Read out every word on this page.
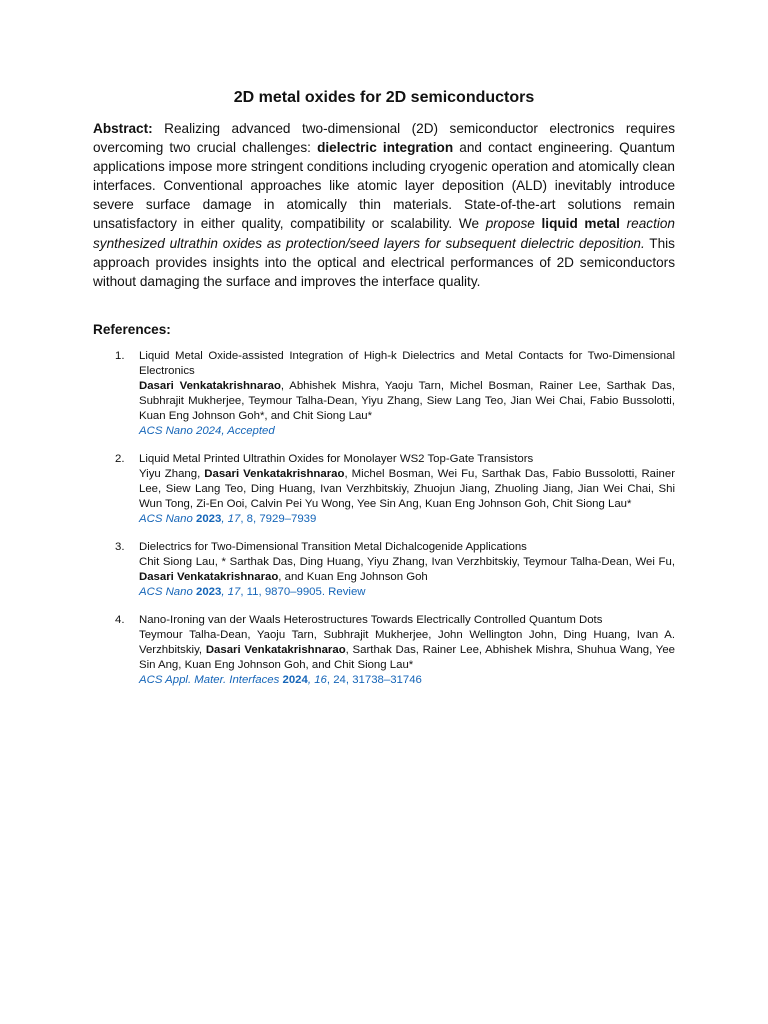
2D metal oxides for 2D semiconductors

Abstract: Realizing advanced two-dimensional (2D) semiconductor electronics requires overcoming two crucial challenges: dielectric integration and contact engineering. Quantum applications impose more stringent conditions including cryogenic operation and atomically clean interfaces. Conventional approaches like atomic layer deposition (ALD) inevitably introduce severe surface damage in atomically thin materials. State-of-the-art solutions remain unsatisfactory in either quality, compatibility or scalability. We propose liquid metal reaction synthesized ultrathin oxides as protection/seed layers for subsequent dielectric deposition. This approach provides insights into the optical and electrical performances of 2D semiconductors without damaging the surface and improves the interface quality.

References:
1. Liquid Metal Oxide-assisted Integration of High-k Dielectrics and Metal Contacts for Two-Dimensional Electronics
Dasari Venkatakrishnarao, Abhishek Mishra, Yaoju Tarn, Michel Bosman, Rainer Lee, Sarthak Das, Subhrajit Mukherjee, Teymour Talha-Dean, Yiyu Zhang, Siew Lang Teo, Jian Wei Chai, Fabio Bussolotti, Kuan Eng Johnson Goh*, and Chit Siong Lau*
ACS Nano 2024, Accepted
2. Liquid Metal Printed Ultrathin Oxides for Monolayer WS2 Top-Gate Transistors
Yiyu Zhang, Dasari Venkatakrishnarao, Michel Bosman, Wei Fu, Sarthak Das, Fabio Bussolotti, Rainer Lee, Siew Lang Teo, Ding Huang, Ivan Verzhbitskiy, Zhuojun Jiang, Zhuoling Jiang, Jian Wei Chai, Shi Wun Tong, Zi-En Ooi, Calvin Pei Yu Wong, Yee Sin Ang, Kuan Eng Johnson Goh, Chit Siong Lau*
ACS Nano 2023, 17, 8, 7929–7939
3. Dielectrics for Two-Dimensional Transition Metal Dichalcogenide Applications
Chit Siong Lau, * Sarthak Das, Ding Huang, Yiyu Zhang, Ivan Verzhbitskiy, Teymour Talha-Dean, Wei Fu, Dasari Venkatakrishnarao, and Kuan Eng Johnson Goh
ACS Nano 2023, 17, 11, 9870–9905. Review
4. Nano-Ironing van der Waals Heterostructures Towards Electrically Controlled Quantum Dots
Teymour Talha-Dean, Yaoju Tarn, Subhrajit Mukherjee, John Wellington John, Ding Huang, Ivan A. Verzhbitskiy, Dasari Venkatakrishnarao, Sarthak Das, Rainer Lee, Abhishek Mishra, Shuhua Wang, Yee Sin Ang, Kuan Eng Johnson Goh, and Chit Siong Lau*
ACS Appl. Mater. Interfaces 2024, 16, 24, 31738–31746
